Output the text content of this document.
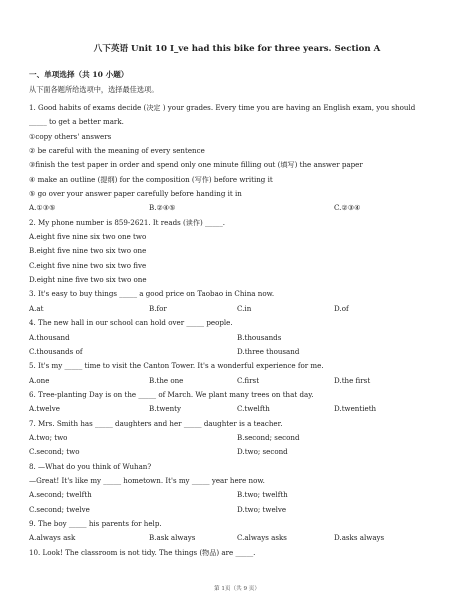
八下英语 Unit 10 I_ve had this bike for three years. Section A
一、单项选择（共 10 小题）
从下面各题所给选项中，选择最佳选项。
1. Good habits of exams decide (决定 ) your grades. Every time you are having an English exam, you should
_____ to get a better mark.
①copy others' answers
② be careful with the meaning of every sentence
③finish the test paper in order and spend only one minute filling out (填写) the answer paper
④ make an outline (提纲) for the composition (写作) before writing it
⑤ go over your answer paper carefully before handing it in
A.①③⑤	B.②④⑤	C.②③④
2. My phone number is 859-2621. It reads (读作) _____.
A.eight five nine six two one two
B.eight five nine two six two one
C.eight five nine two six two five
D.eight nine five two six two one
3. It's easy to buy things _____ a good price on Taobao in China now.
A.at	B.for	C.in	D.of
4. The new hall in our school can hold over _____ people.
A.thousand	B.thousands
C.thousands of	D.three thousand
5. It's my _____ time to visit the Canton Tower. It's a wonderful experience for me.
A.one	B.the one	C.first	D.the first
6. Tree-planting Day is on the _____ of March. We plant many trees on that day.
A.twelve	B.twenty	C.twelfth	D.twentieth
7. Mrs. Smith has _____ daughters and her _____ daughter is a teacher.
A.two; two	B.second; second
C.second; two	D.two; second
8. —What do you think of Wuhan?
—Great! It's like my _____ hometown. It's my _____ year here now.
A.second; twelfth	B.two; twelfth
C.second; twelve	D.two; twelve
9. The boy _____ his parents for help.
A.always ask	B.ask always	C.always asks	D.asks always
10. Look! The classroom is not tidy. The things (物品) are _____.
第 1页（共 9 页）
